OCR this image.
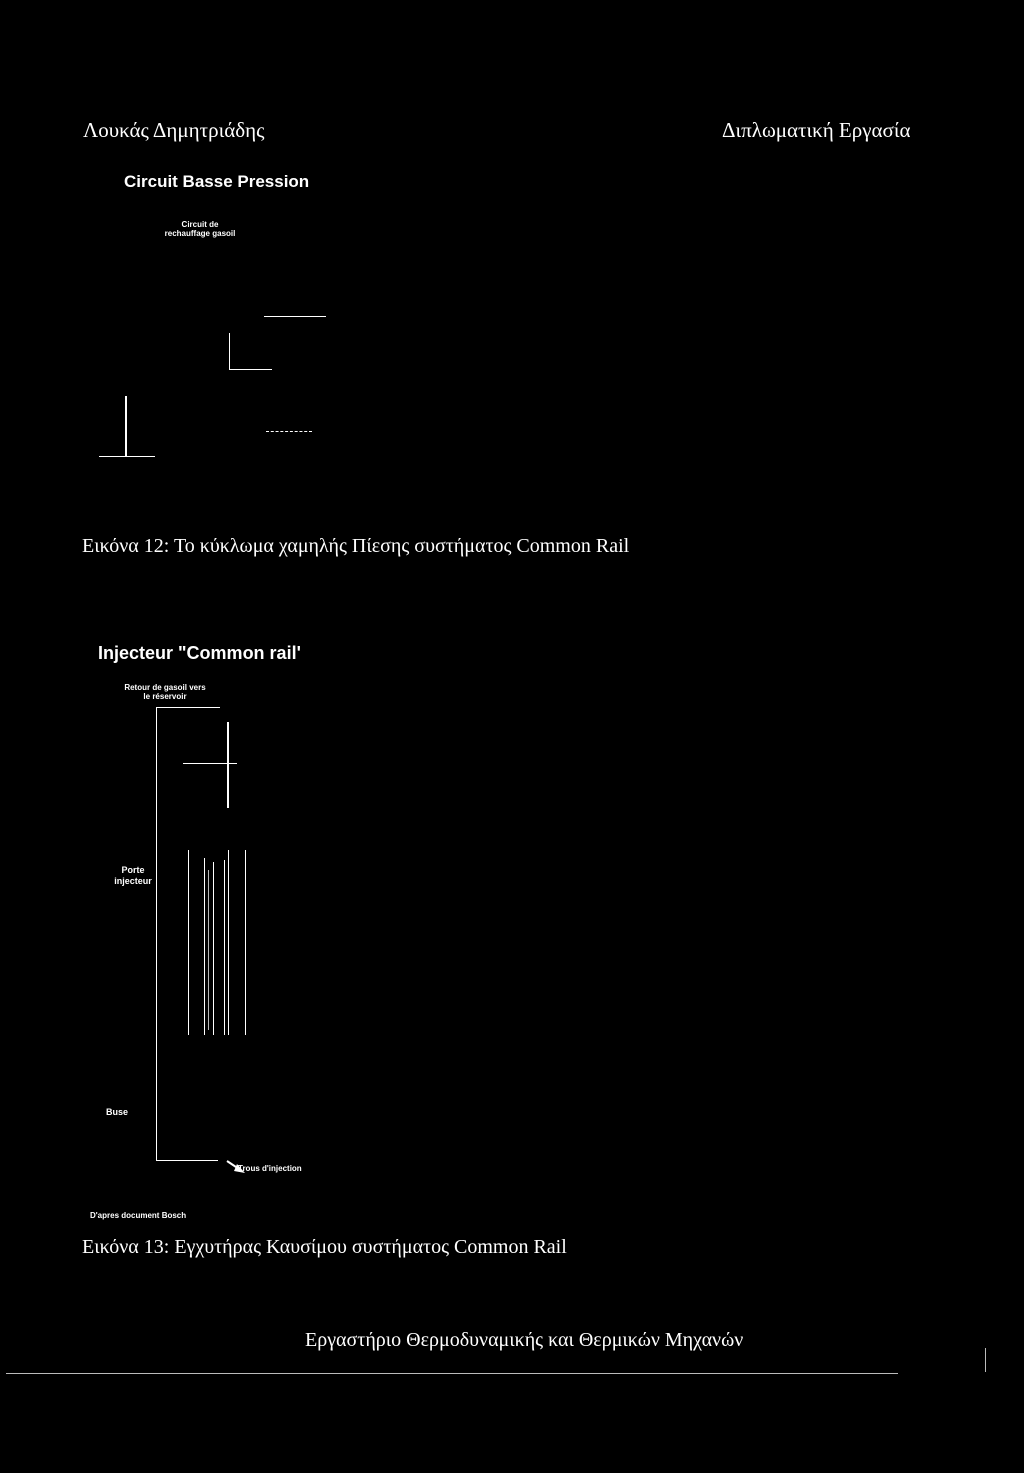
Λουκάς Δημητριάδης	Διπλωματική Εργασία
Circuit Basse Pression
Circuit de rechauffage gasoil
Εικόνα 12: Το κύκλωμα χαμηλής Πίεσης συστήματος Common Rail
Injecteur "Common rail'
Retour de gasoil vers le réservoir
Porte injecteur
Buse
Trous d'injection
D'apres document Bosch
Εικόνα 13: Εγχυτήρας Καυσίμου συστήματος Common Rail
Εργαστήριο Θερμοδυναμικής και Θερμικών Μηχανών
